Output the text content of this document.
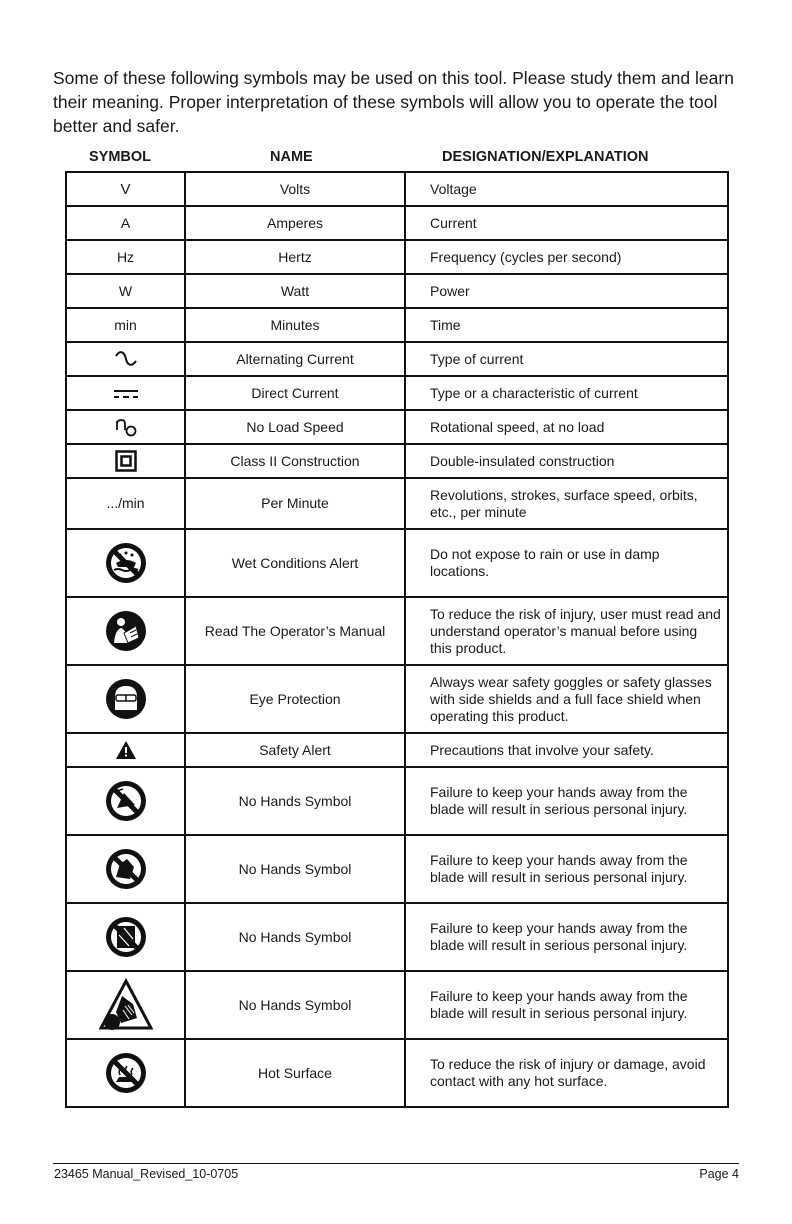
Some of these following symbols may be used on this tool. Please study them and learn their meaning. Proper interpretation of these symbols will allow you to operate the tool better and safer.
SYMBOL	NAME	DESIGNATION/EXPLANATION
V	Volts	Voltage
A	Amperes	Current
Hz	Hertz	Frequency (cycles per second)
W	Watt	Power
min	Minutes	Time
	Alternating Current	Type of current
	Direct Current	Type or a characteristic of current
	No Load Speed	Rotational speed, at no load
	Class II Construction	Double-insulated construction
.../min	Per Minute	Revolutions, strokes, surface speed, orbits, etc., per minute
	Wet Conditions Alert	Do not expose to rain or use in damp locations.
	Read The Operator’s Manual	To reduce the risk of injury, user must read and understand operator’s manual before using this product.
	Eye Protection	Always wear safety goggles or safety glasses with side shields and a full face shield when operating this product.
	Safety Alert	Precautions that involve your safety.
	No Hands Symbol	Failure to keep your hands away from the blade will result in serious personal injury.
	No Hands Symbol	Failure to keep your hands away from the blade will result in serious personal injury.
	No Hands Symbol	Failure to keep your hands away from the blade will result in serious personal injury.
	No Hands Symbol	Failure to keep your hands away from the blade will result in serious personal injury.
	Hot Surface	To reduce the risk of injury or damage, avoid contact with any hot surface.
23465 Manual_Revised_10-0705	Page 4
